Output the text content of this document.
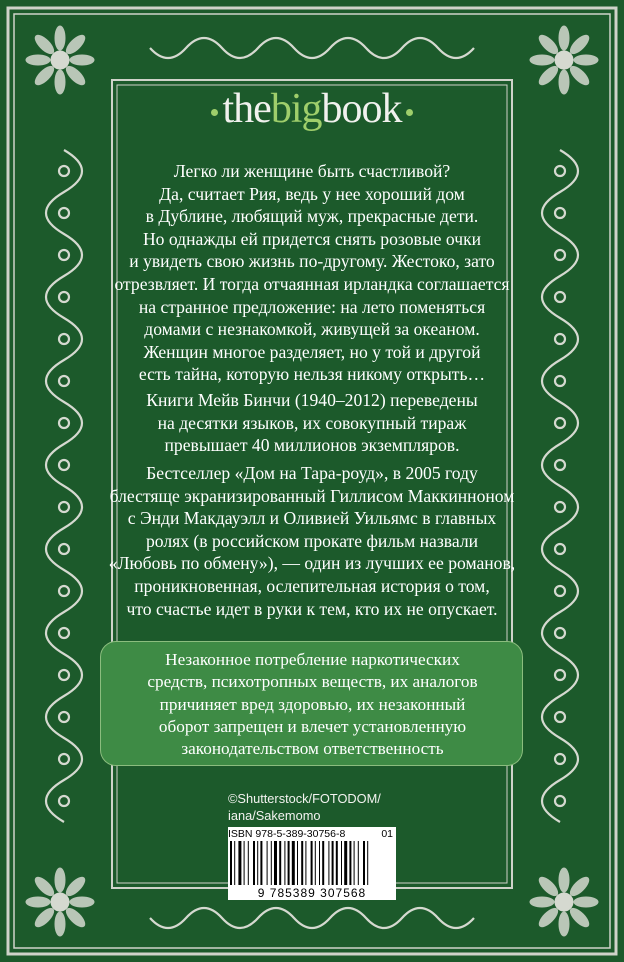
thebigbook
Легко ли женщине быть счастливой?
Да, считает Рия, ведь у нее хороший дом
в Дублине, любящий муж, прекрасные дети.
Но однажды ей придется снять розовые очки
и увидеть свою жизнь по-другому. Жестоко, зато
отрезвляет. И тогда отчаянная ирландка соглашается
на странное предложение: на лето поменяться
домами с незнакомкой, живущей за океаном.
Женщин многое разделяет, но у той и другой
есть тайна, которую нельзя никому открыть…
Книги Мейв Бинчи (1940–2012) переведены
на десятки языков, их совокупный тираж
превышает 40 миллионов экземпляров.
Бестселлер «Дом на Тара-роуд», в 2005 году
блестяще экранизированный Гиллисом Маккинноном
с Энди Макдауэлл и Оливией Уильямс в главных
ролях (в российском прокате фильм назвали
«Любовь по обмену»), — один из лучших ее романов,
проникновенная, ослепительная история о том,
что счастье идет в руки к тем, кто их не опускает.
Незаконное потребление наркотических
средств, психотропных веществ, их аналогов
причиняет вред здоровью, их незаконный
оборот запрещен и влечет установленную
законодательством ответственность
©Shutterstock/FOTODOM/
iana/Sakemomo
ISBN 978-5-389-30756-8	01
9 785389 307568
